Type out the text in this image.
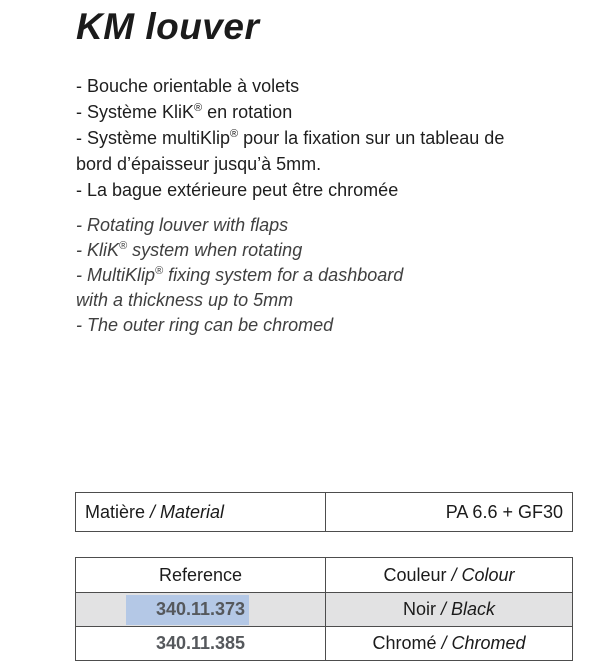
KM louver
- Bouche orientable à volets
- Système KliK® en rotation
- Système multiKlip® pour la fixation sur un tableau de
bord d’épaisseur jusqu’à 5mm.
- La bague extérieure peut être chromée
- Rotating louver with flaps
- KliK® system when rotating
- MultiKlip® fixing system for a dashboard
with a thickness up to 5mm
- The outer ring can be chromed
Matière / Material	PA 6.6 + GF30
Reference	Couleur / Colour
340.11.373	Noir / Black
340.11.385	Chromé / Chromed
